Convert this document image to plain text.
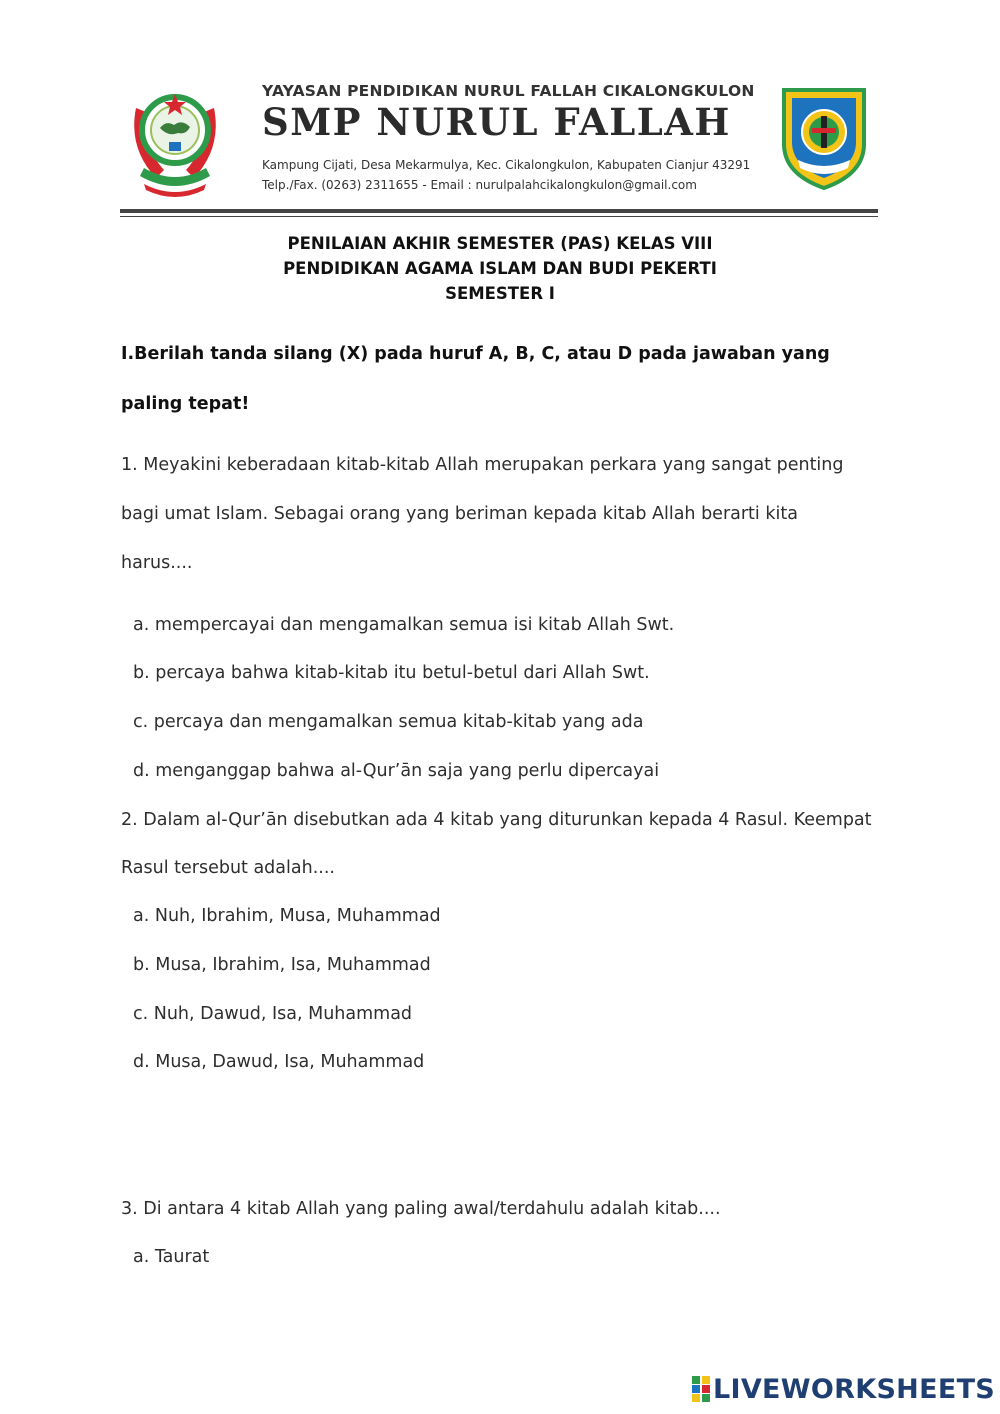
YAYASAN PENDIDIKAN NURUL FALLAH CIKALONGKULON
SMP NURUL FALLAH
Kampung Cijati, Desa Mekarmulya, Kec. Cikalongkulon, Kabupaten Cianjur 43291
Telp./Fax. (0263) 2311655 - Email : nurulpalahcikalongkulon@gmail.com
PENILAIAN AKHIR SEMESTER (PAS) KELAS VIII
PENDIDIKAN AGAMA ISLAM DAN BUDI PEKERTI
SEMESTER I
I.Berilah tanda silang (X) pada huruf A, B, C, atau D pada jawaban yang
paling tepat!
1. Meyakini keberadaan kitab-kitab Allah merupakan perkara yang sangat penting
bagi umat Islam. Sebagai orang yang beriman kepada kitab Allah berarti kita
harus....
a. mempercayai dan mengamalkan semua isi kitab Allah Swt.
b. percaya bahwa kitab-kitab itu betul-betul dari Allah Swt.
c. percaya dan mengamalkan semua kitab-kitab yang ada
d. menganggap bahwa al-Qur’ān saja yang perlu dipercayai
2. Dalam al-Qur’ān disebutkan ada 4 kitab yang diturunkan kepada 4 Rasul. Keempat
Rasul tersebut adalah....
a. Nuh, Ibrahim, Musa, Muhammad
b. Musa, Ibrahim, Isa, Muhammad
c. Nuh, Dawud, Isa, Muhammad
d. Musa, Dawud, Isa, Muhammad
3. Di antara 4 kitab Allah yang paling awal/terdahulu adalah kitab....
a. Taurat
LIVEWORKSHEETS
